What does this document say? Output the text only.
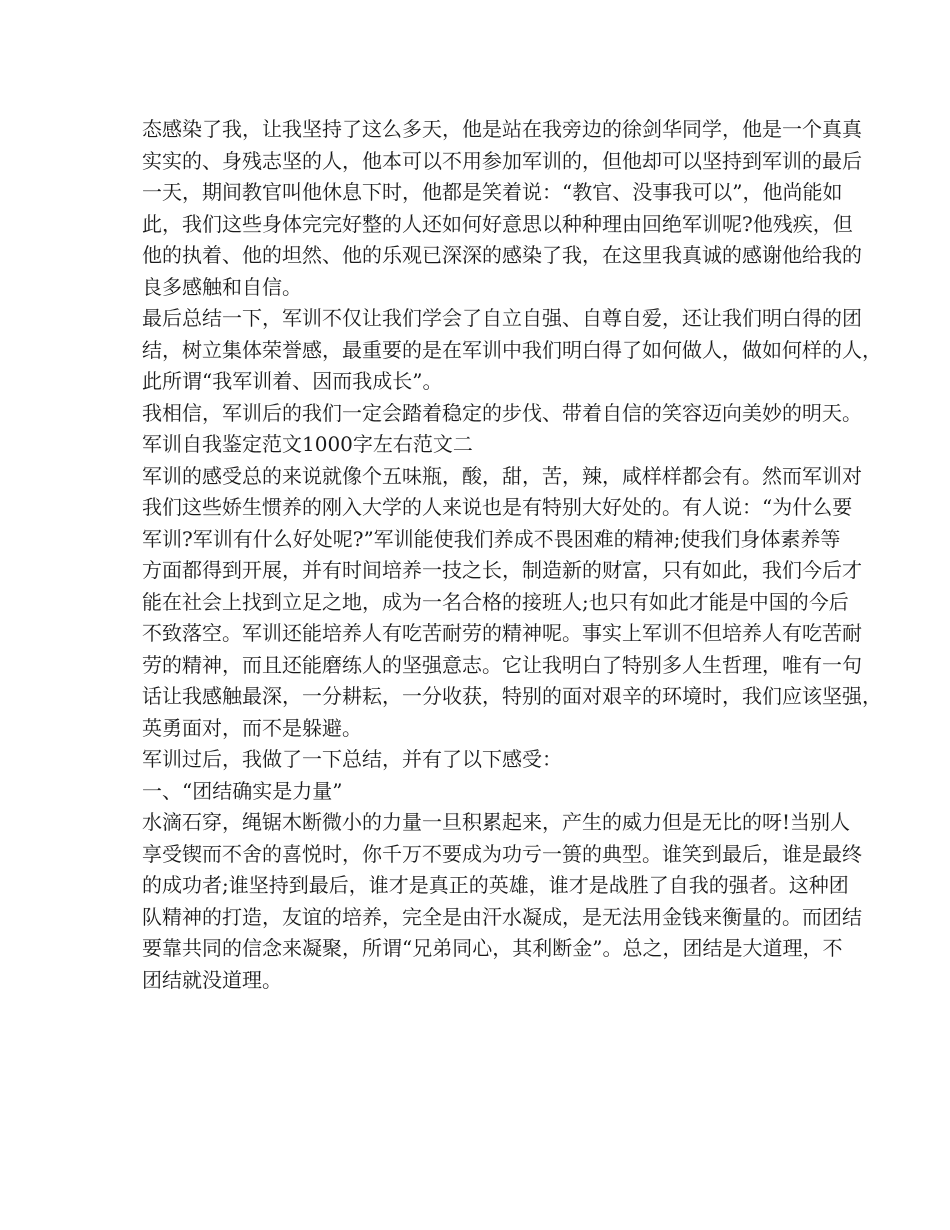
态感染了我，让我坚持了这么多天，他是站在我旁边的徐剑华同学，他是一个真真
实实的、身残志坚的人，他本可以不用参加军训的，但他却可以坚持到军训的最后
一天，期间教官叫他休息下时，他都是笑着说：“教官、没事我可以”，他尚能如
此，我们这些身体完完好整的人还如何好意思以种种理由回绝军训呢?他残疾，但
他的执着、他的坦然、他的乐观已深深的感染了我，在这里我真诚的感谢他给我的
良多感触和自信。
最后总结一下，军训不仅让我们学会了自立自强、自尊自爱，还让我们明白得的团
结，树立集体荣誉感，最重要的是在军训中我们明白得了如何做人，做如何样的人，
此所谓“我军训着、因而我成长”。
我相信，军训后的我们一定会踏着稳定的步伐、带着自信的笑容迈向美妙的明天。
军训自我鉴定范文1000字左右范文二
军训的感受总的来说就像个五味瓶，酸，甜，苦，辣，咸样样都会有。然而军训对
我们这些娇生惯养的刚入大学的人来说也是有特别大好处的。有人说：“为什么要
军训?军训有什么好处呢?”军训能使我们养成不畏困难的精神;使我们身体素养等
方面都得到开展，并有时间培养一技之长，制造新的财富，只有如此，我们今后才
能在社会上找到立足之地，成为一名合格的接班人;也只有如此才能是中国的今后
不致落空。军训还能培养人有吃苦耐劳的精神呢。事实上军训不但培养人有吃苦耐
劳的精神，而且还能磨练人的坚强意志。它让我明白了特别多人生哲理，唯有一句
话让我感触最深，一分耕耘，一分收获，特别的面对艰辛的环境时，我们应该坚强，
英勇面对，而不是躲避。
军训过后，我做了一下总结，并有了以下感受：
一、“团结确实是力量”
水滴石穿，绳锯木断微小的力量一旦积累起来，产生的威力但是无比的呀!当别人
享受锲而不舍的喜悦时，你千万不要成为功亏一篑的典型。谁笑到最后，谁是最终
的成功者;谁坚持到最后，谁才是真正的英雄，谁才是战胜了自我的强者。这种团
队精神的打造，友谊的培养，完全是由汗水凝成，是无法用金钱来衡量的。而团结
要靠共同的信念来凝聚，所谓“兄弟同心，其利断金”。总之，团结是大道理，不
团结就没道理。
